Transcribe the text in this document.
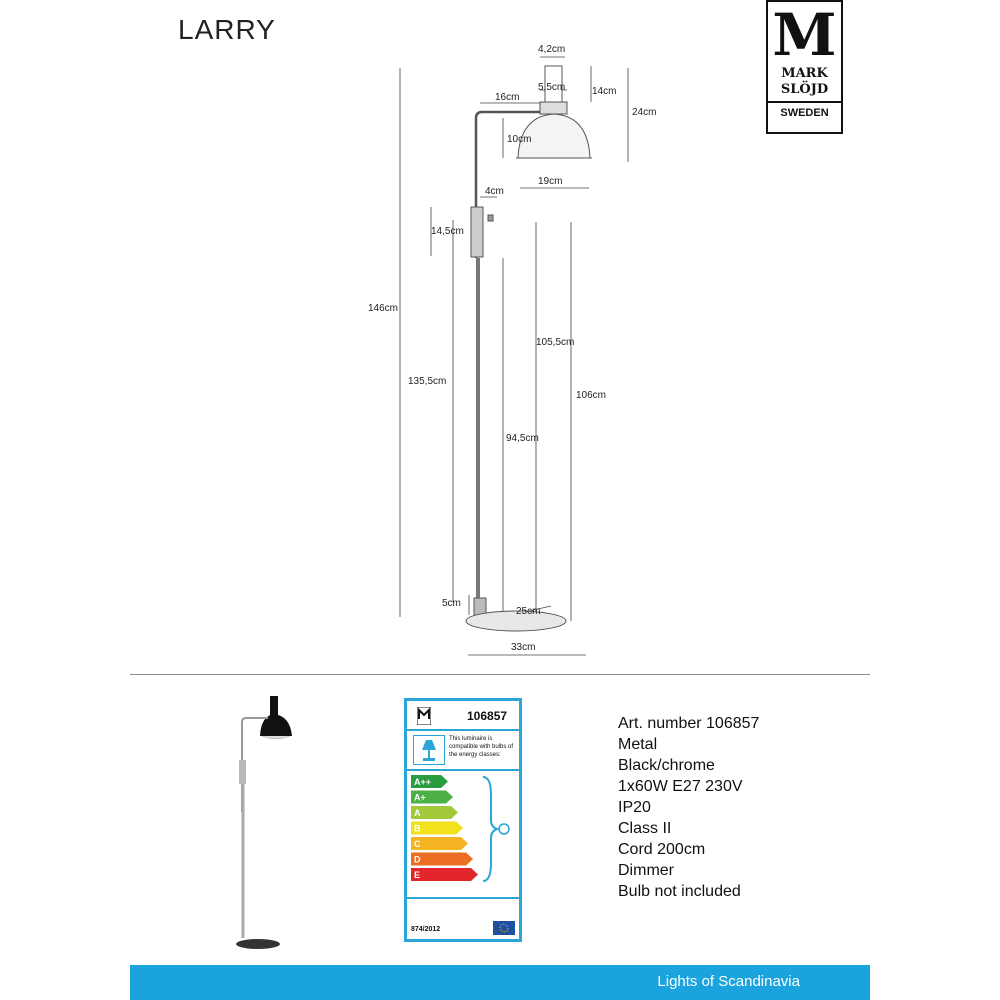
LARRY	M
MARK
SLÖJD
SWEDEN
4,2cm
5,5cm
16cm
14cm
24cm
10cm
19cm
4cm
14,5cm
146cm
105,5cm
135,5cm
106cm
94,5cm
5cm
25cm
33cm
106857
This luminaire is compatible with bulbs of the energy classes:
A++
A+
A
B
C
D
E
874/2012
Art. number 106857
Metal
Black/chrome
1x60W E27 230V
IP20
Class II
Cord 200cm
Dimmer
Bulb not included
Lights of Scandinavia
